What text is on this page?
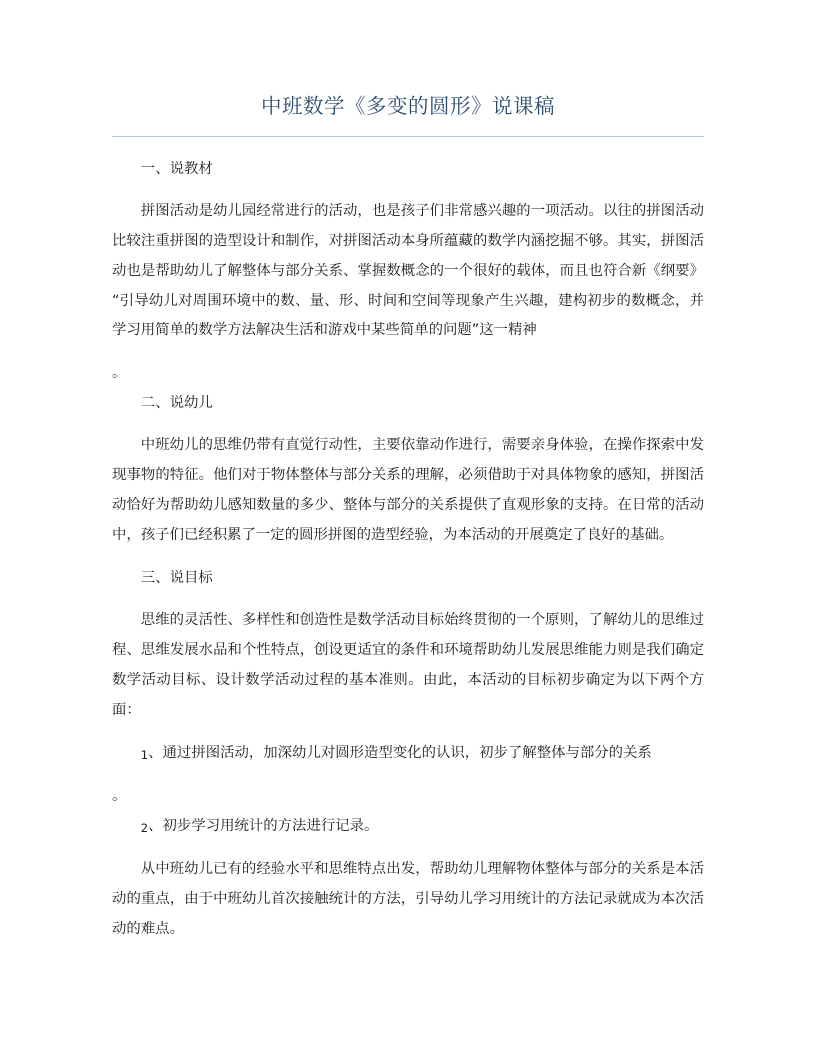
中班数学《多变的圆形》说课稿

一、说教材

拼图活动是幼儿园经常进行的活动，也是孩子们非常感兴趣的一项活动。以往的拼图活动比较注重拼图的造型设计和制作，对拼图活动本身所蕴藏的数学内涵挖掘不够。其实，拼图活动也是帮助幼儿了解整体与部分关系、掌握数概念的一个很好的载体，而且也符合新《纲要》“引导幼儿对周围环境中的数、量、形、时间和空间等现象产生兴趣，建构初步的数概念，并学习用简单的数学方法解决生活和游戏中某些简单的问题”这一精神

。

二、说幼儿

中班幼儿的思维仍带有直觉行动性，主要依靠动作进行，需要亲身体验，在操作探索中发现事物的特征。他们对于物体整体与部分关系的理解，必须借助于对具体物象的感知，拼图活动恰好为帮助幼儿感知数量的多少、整体与部分的关系提供了直观形象的支持。在日常的活动中，孩子们已经积累了一定的圆形拼图的造型经验，为本活动的开展奠定了良好的基础。

三、说目标

思维的灵活性、多样性和创造性是数学活动目标始终贯彻的一个原则，了解幼儿的思维过程、思维发展水品和个性特点，创设更适宜的条件和环境帮助幼儿发展思维能力则是我们确定数学活动目标、设计数学活动过程的基本准则。由此，本活动的目标初步确定为以下两个方面：

1、通过拼图活动，加深幼儿对圆形造型变化的认识，初步了解整体与部分的关系

。

2、初步学习用统计的方法进行记录。

从中班幼儿已有的经验水平和思维特点出发，帮助幼儿理解物体整体与部分的关系是本活动的重点，由于中班幼儿首次接触统计的方法，引导幼儿学习用统计的方法记录就成为本次活动的难点。
